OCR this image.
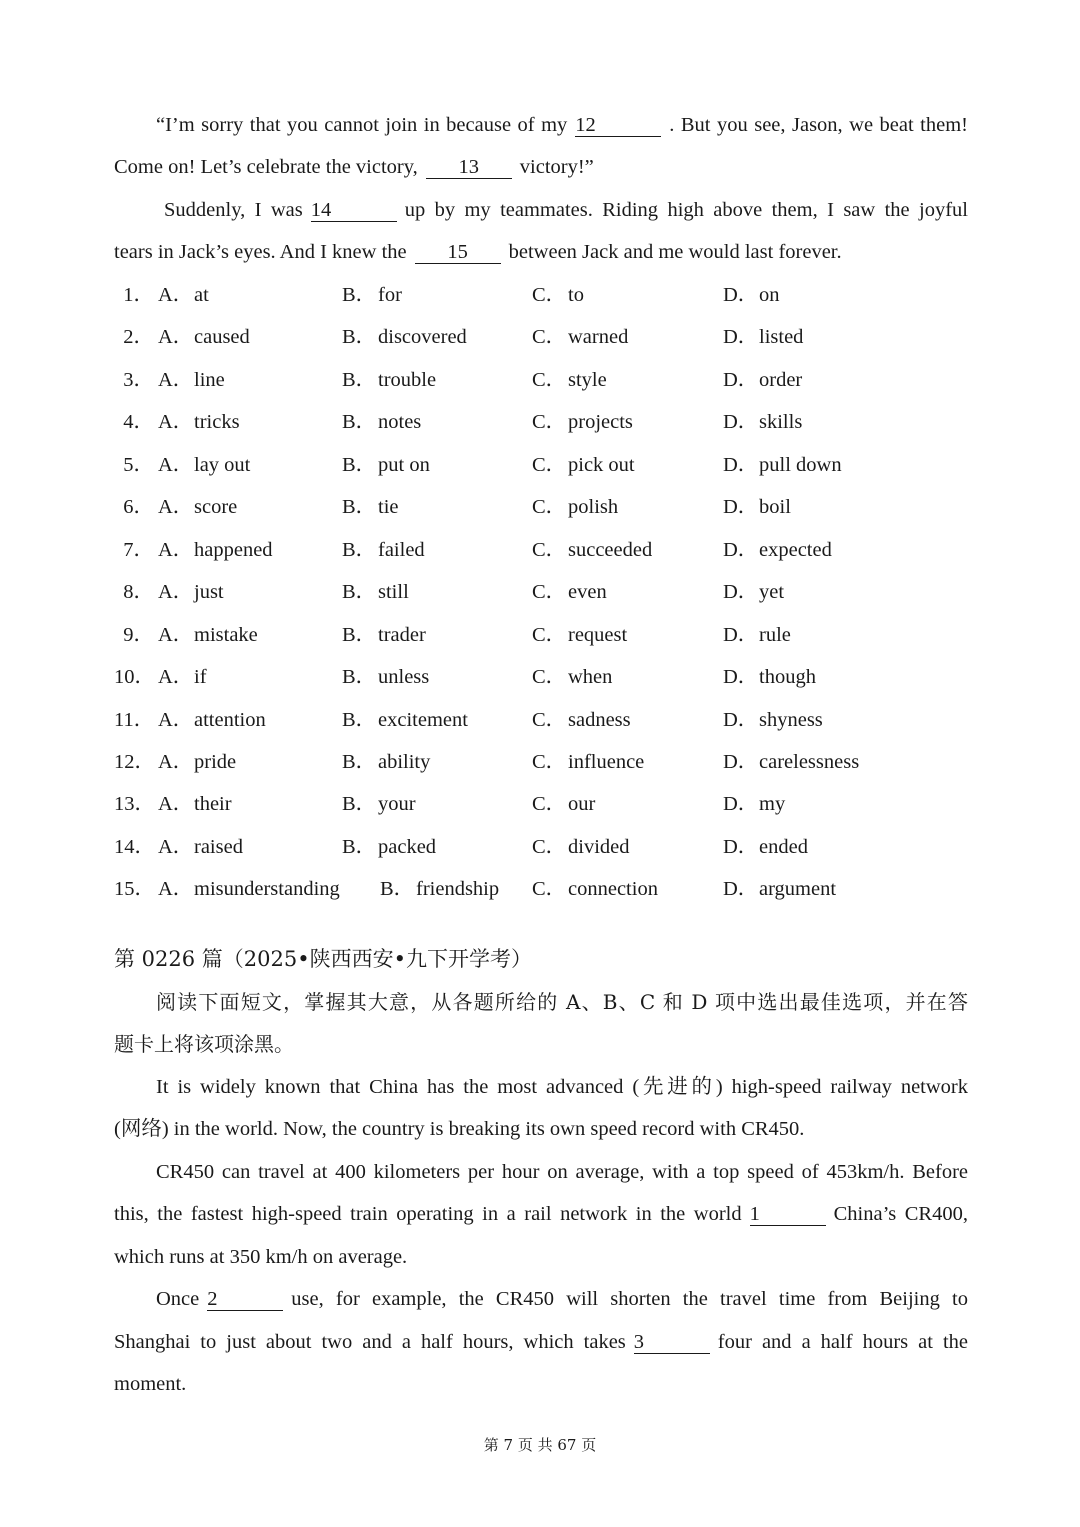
“I’m sorry that you cannot join in because of my 12	. But you see, Jason, we beat them!
Come on! Let’s celebrate the victory, 13 victory!”
Suddenly, I was 14	up by my teammates. Riding high above them, I saw the joyful
tears in Jack’s eyes. And I knew the 15 between Jack and me would last forever.
1． A．at	B．for	C．to	D．on
2． A．caused	B．discovered	C．warned	D．listed
3． A．line	B．trouble	C．style	D．order
4． A．tricks	B．notes	C．projects	D．skills
5． A．lay out	B．put on	C．pick out	D．pull down
6． A．score	B．tie	C．polish	D．boil
7． A．happened	B．failed	C．succeeded	D．expected
8． A．just	B．still	C．even	D．yet
9． A．mistake	B．trader	C．request	D．rule
10． A．if	B．unless	C．when	D．though
11． A．attention	B．excitement	C．sadness	D．shyness
12． A．pride	B．ability	C．influence	D．carelessness
13． A．their	B．your	C．our	D．my
14． A．raised	B．packed	C．divided	D．ended
15． A．misunderstanding B．friendship C．connection	D．argument
第 0226 篇（2025•陕西西安•九下开学考）
阅读下面短文，掌握其大意，从各题所给的 A、B、C 和 D 项中选出最佳选项，并在答
题卡上将该项涂黑。
It is widely known that China has the most advanced (先进的) high-speed railway network
(网络) in the world. Now, the country is breaking its own speed record with CR450.
CR450 can travel at 400 kilometers per hour on average, with a top speed of 453km/h. Before
this, the fastest high-speed train operating in a rail network in the world 1	China’s CR400,
which runs at 350 km/h on average.
Once 2	use, for example, the CR450 will shorten the travel time from Beijing to
Shanghai to just about two and a half hours, which takes 3	four and a half hours at the
moment.
第 7 页 共 67 页
